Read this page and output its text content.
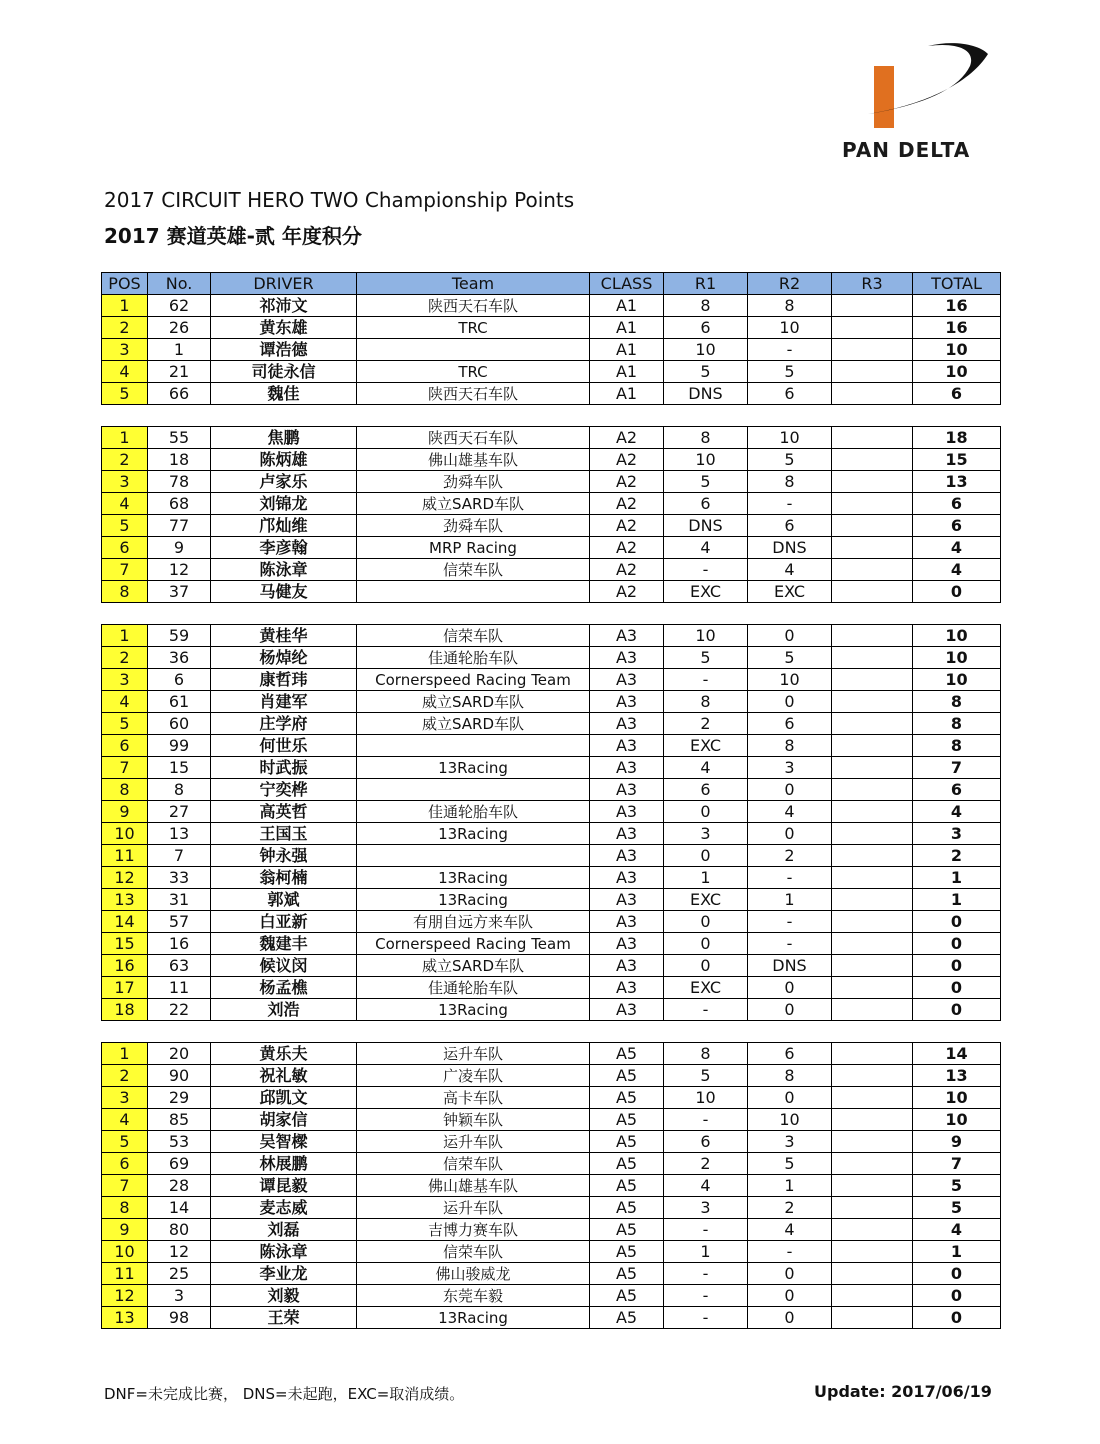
PAN DELTA
2017 CIRCUIT HERO TWO Championship Points
2017 赛道英雄-贰 年度积分
POS	No.	DRIVER	Team	CLASS	R1	R2	R3	TOTAL
1	62	祁沛文	陕西天石车队	A1	8	8		16
2	26	黄东雄	TRC	A1	6	10		16
3	1	谭浩德		A1	10	-		10
4	21	司徒永信	TRC	A1	5	5		10
5	66	魏佳	陕西天石车队	A1	DNS	6		6

1	55	焦鹏	陕西天石车队	A2	8	10		18
2	18	陈炳雄	佛山雄基车队	A2	10	5		15
3	78	卢家乐	劲舜车队	A2	5	8		13
4	68	刘锦龙	威立SARD车队	A2	6	-		6
5	77	邝灿维	劲舜车队	A2	DNS	6		6
6	9	李彦翰	MRP Racing	A2	4	DNS		4
7	12	陈泳章	信荣车队	A2	-	4		4
8	37	马健友		A2	EXC	EXC		0

1	59	黄桂华	信荣车队	A3	10	0		10
2	36	杨焯纶	佳通轮胎车队	A3	5	5		10
3	6	康哲玮	Cornerspeed Racing Team	A3	-	10		10
4	61	肖建军	威立SARD车队	A3	8	0		8
5	60	庄学府	威立SARD车队	A3	2	6		8
6	99	何世乐		A3	EXC	8		8
7	15	时武振	13Racing	A3	4	3		7
8	8	宁奕桦		A3	6	0		6
9	27	高英哲	佳通轮胎车队	A3	0	4		4
10	13	王国玉	13Racing	A3	3	0		3
11	7	钟永强		A3	0	2		2
12	33	翁柯楠	13Racing	A3	1	-		1
13	31	郭斌	13Racing	A3	EXC	1		1
14	57	白亚新	有朋自远方来车队	A3	0	-		0
15	16	魏建丰	Cornerspeed Racing Team	A3	0	-		0
16	63	候议闵	威立SARD车队	A3	0	DNS		0
17	11	杨孟樵	佳通轮胎车队	A3	EXC	0		0
18	22	刘浩	13Racing	A3	-	0		0

1	20	黄乐夫	运升车队	A5	8	6		14
2	90	祝礼敏	广凌车队	A5	5	8		13
3	29	邱凯文	高卡车队	A5	10	0		10
4	85	胡家信	钟颖车队	A5	-	10		10
5	53	吴智樑	运升车队	A5	6	3		9
6	69	林展鹏	信荣车队	A5	2	5		7
7	28	谭昆毅	佛山雄基车队	A5	4	1		5
8	14	麦志威	运升车队	A5	3	2		5
9	80	刘磊	吉博力赛车队	A5	-	4		4
10	12	陈泳章	信荣车队	A5	1	-		1
11	25	李业龙	佛山骏威龙	A5	-	0		0
12	3	刘毅	东莞车毅	A5	-	0		0
13	98	王荣	13Racing	A5	-	0		0
DNF=未完成比赛， DNS=未起跑，EXC=取消成绩。	Update: 2017/06/19
